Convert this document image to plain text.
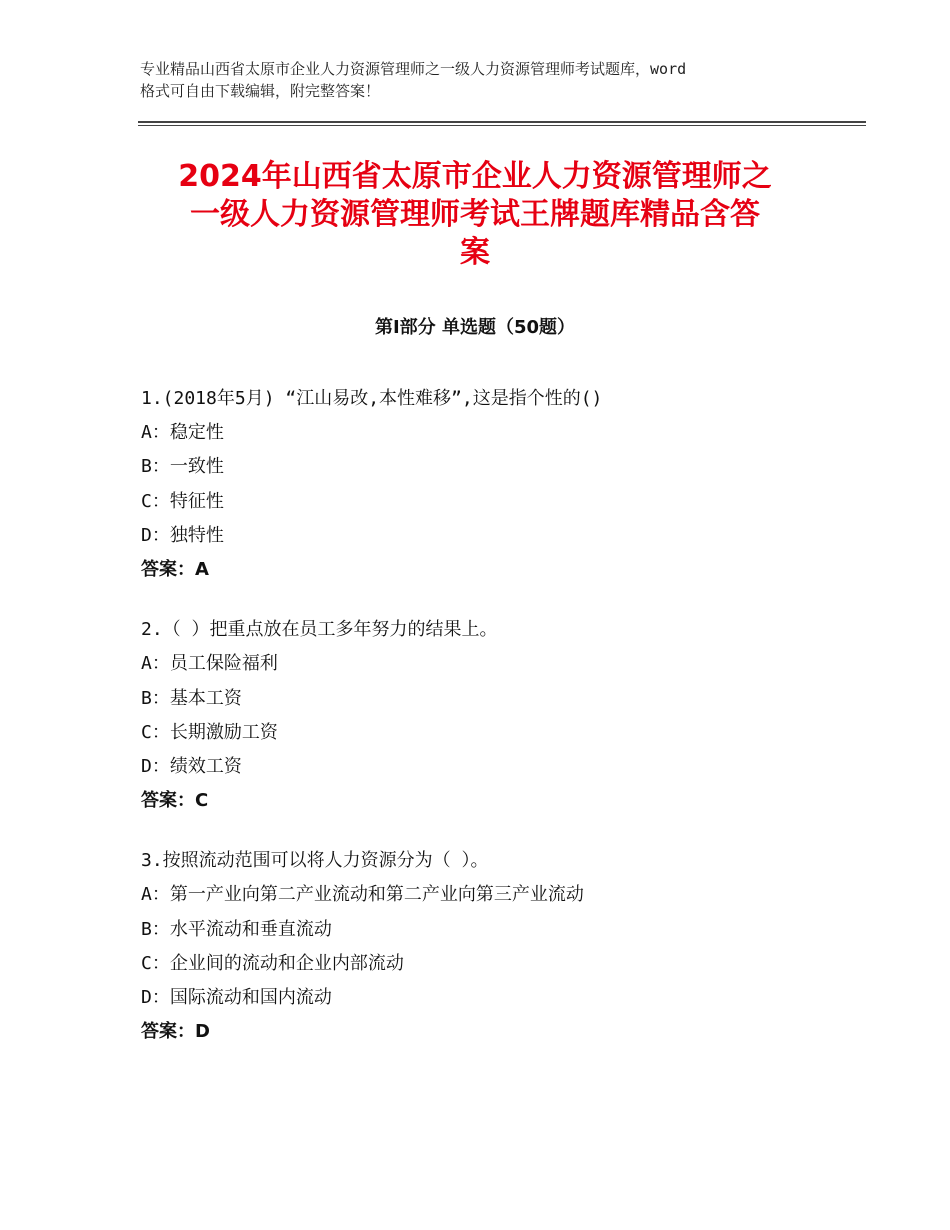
专业精品山西省太原市企业人力资源管理师之一级人力资源管理师考试题库，word
格式可自由下载编辑，附完整答案！
2024年山西省太原市企业人力资源管理师之
一级人力资源管理师考试王牌题库精品含答
案
第Ⅰ部分 单选题（50题）
1.(2018年5月) “江山易改,本性难移”,这是指个性的()
A：稳定性
B：一致性
C：特征性
D：独特性
答案：A
2.（ ）把重点放在员工多年努力的结果上。
A：员工保险福利
B：基本工资
C：长期激励工资
D：绩效工资
答案：C
3.按照流动范围可以将人力资源分为（ ）。
A：第一产业向第二产业流动和第二产业向第三产业流动
B：水平流动和垂直流动
C：企业间的流动和企业内部流动
D：国际流动和国内流动
答案：D
